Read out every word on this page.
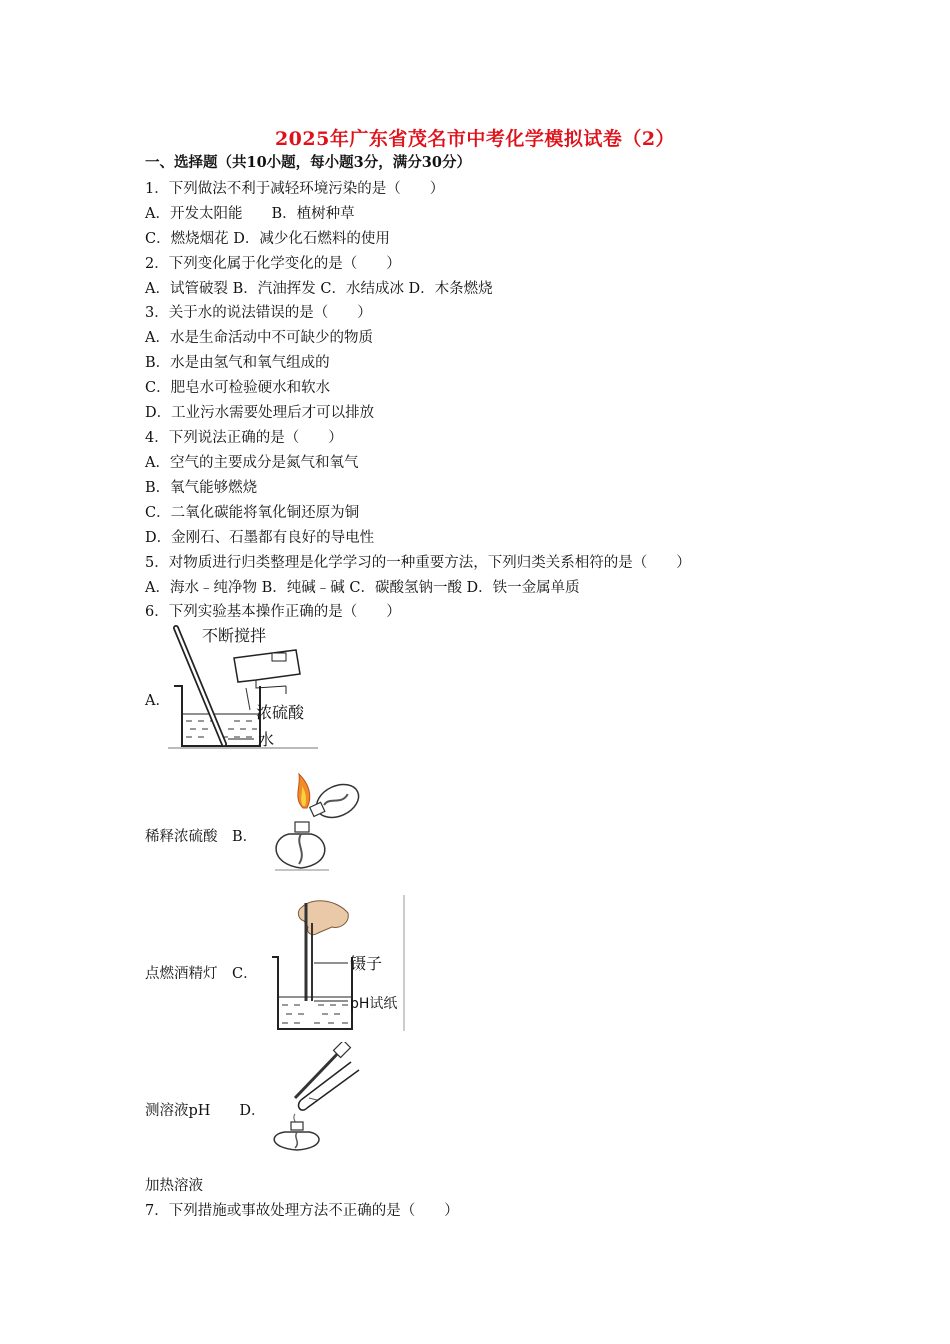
2025年广东省茂名市中考化学模拟试卷（2）
一、选择题（共10小题，每小题3分，满分30分）
1．下列做法不利于减轻环境污染的是（　　）
A．开发太阳能　　B．植树种草
C．燃烧烟花 D．减少化石燃料的使用
2．下列变化属于化学变化的是（　　）
A．试管破裂 B．汽油挥发 C．水结成冰 D．木条燃烧
3．关于水的说法错误的是（　　）
A．水是生命活动中不可缺少的物质
B．水是由氢气和氧气组成的
C．肥皂水可检验硬水和软水
D．工业污水需要处理后才可以排放
4．下列说法正确的是（　　）
A．空气的主要成分是氮气和氧气
B．氧气能够燃烧
C．二氧化碳能将氧化铜还原为铜
D．金刚石、石墨都有良好的导电性
5．对物质进行归类整理是化学学习的一种重要方法，下列归类关系相符的是（　　）
A．海水﹣纯净物 B．纯碱﹣碱 C．碳酸氢钠一酸 D．铁一金属单质
6．下列实验基本操作正确的是（　　）
A．
不断搅拌
浓硫酸
水
稀释浓硫酸　B．
点燃酒精灯　C．
镊子
pH试纸
测溶液pH　　D．
加热溶液
7．下列措施或事故处理方法不正确的是（　　）
